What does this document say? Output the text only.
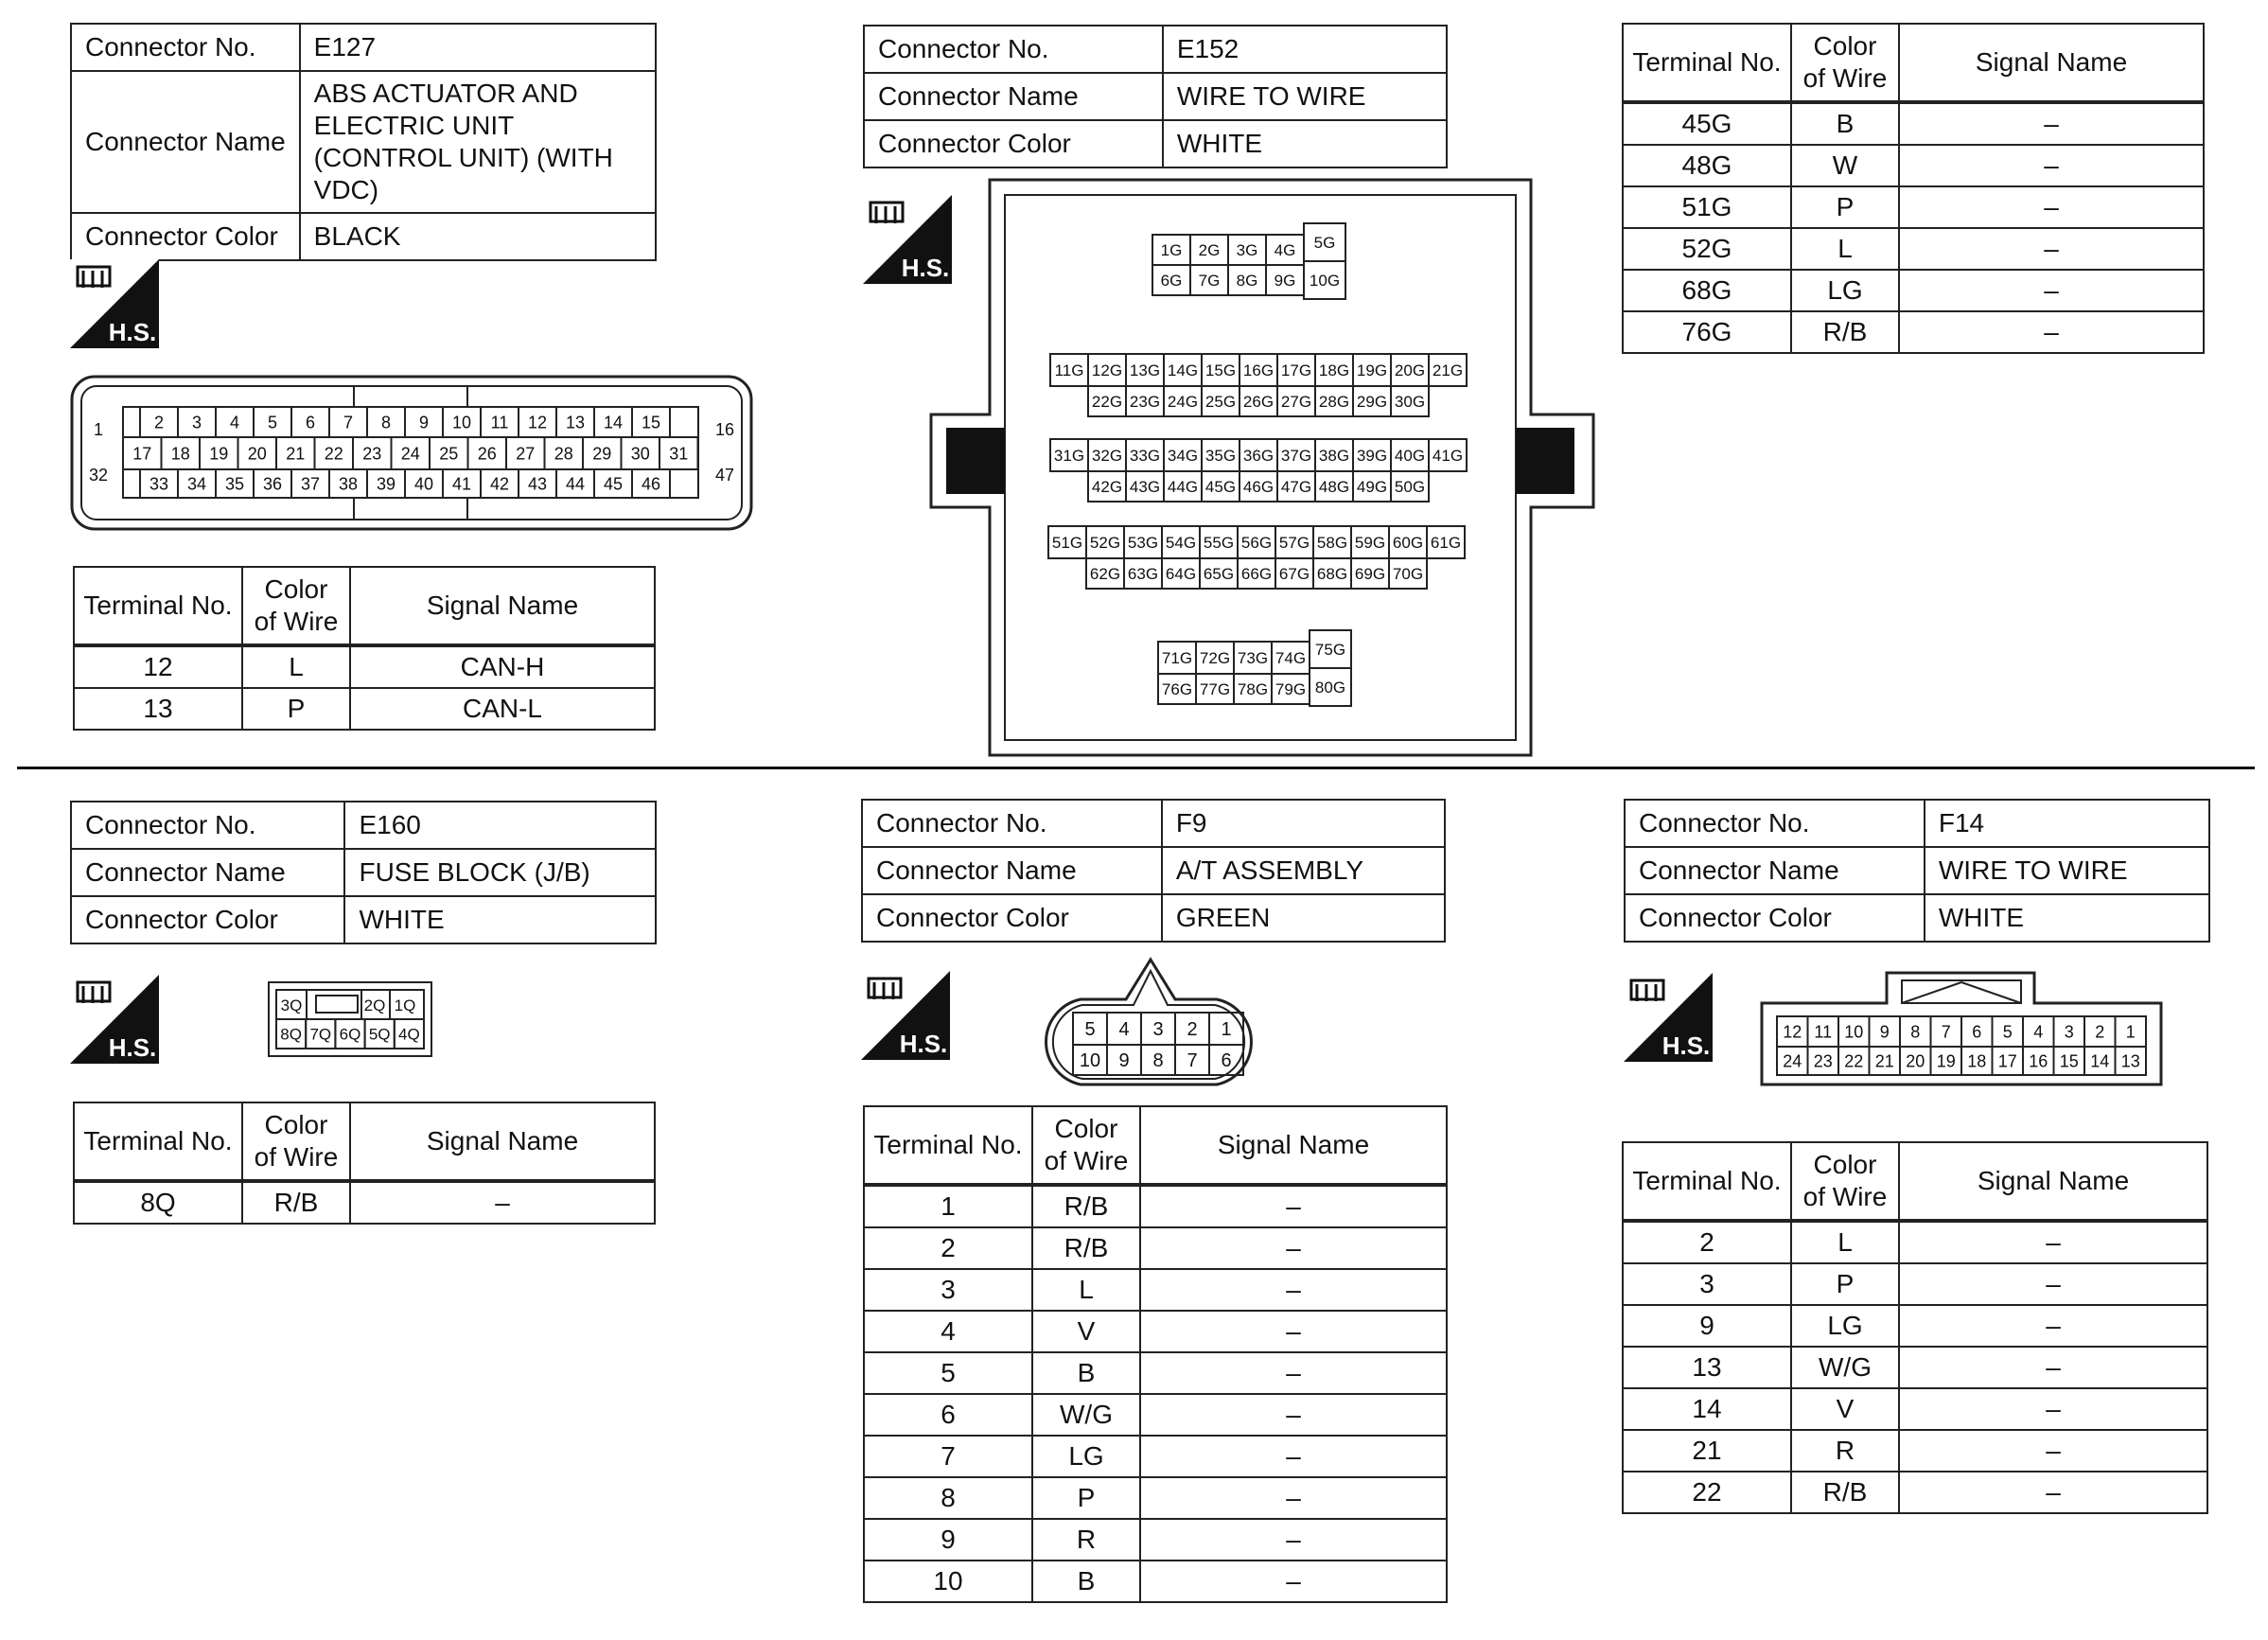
Connector No.	E127
Connector Name	ABS ACTUATOR AND ELECTRIC UNIT (CONTROL UNIT) (WITH VDC)
Connector Color	BLACK
H.S.
2 3 4 5 6 7 8 9 10 11 12 13 14 15
17 18 19 20 21 22 23 24 25 26 27 28 29 30 31
33 34 35 36 37 38 39 40 41 42 43 44 45 46
1
32
16
47
Terminal No.	Color of Wire	Signal Name
12	L	CAN-H
13	P	CAN-L
Connector No.	E152
Connector Name	WIRE TO WIRE
Connector Color	WHITE
H.S.
1G 2G 3G 4G
6G 7G 8G 9G
5G
10G
11G 12G 13G 14G 15G 16G 17G 18G 19G 20G 21G
22G 23G 24G 25G 26G 27G 28G 29G 30G
31G 32G 33G 34G 35G 36G 37G 38G 39G 40G 41G
42G 43G 44G 45G 46G 47G 48G 49G 50G
51G 52G 53G 54G 55G 56G 57G 58G 59G 60G 61G
62G 63G 64G 65G 66G 67G 68G 69G 70G
71G 72G 73G 74G
76G 77G 78G 79G
75G
80G
Terminal No.	Color of Wire	Signal Name
45G	B	–
48G	W	–
51G	P	–
52G	L	–
68G	LG	–
76G	R/B	–
Connector No.	E160
Connector Name	FUSE BLOCK (J/B)
Connector Color	WHITE
H.S.
3Q	2Q 1Q
8Q 7Q 6Q 5Q 4Q
Terminal No.	Color of Wire	Signal Name
8Q	R/B	–
Connector No.	F9
Connector Name	A/T ASSEMBLY
Connector Color	GREEN
H.S.	5 4 3 2 1
10 9 8 7 6
Terminal No.	Color of Wire	Signal Name
1	R/B	–
2	R/B	–
3	L	–
4	V	–
5	B	–
6	W/G	–
7	LG	–
8	P	–
9	R	–
10	B	–
Connector No.	F14
Connector Name	WIRE TO WIRE
Connector Color	WHITE
H.S.	12 11 10 9 8 7 6 5 4 3 2 1
24 23 22 21 20 19 18 17 16 15 14 13
Terminal No.	Color of Wire	Signal Name
2	L	–
3	P	–
9	LG	–
13	W/G	–
14	V	–
21	R	–
22	R/B	–
